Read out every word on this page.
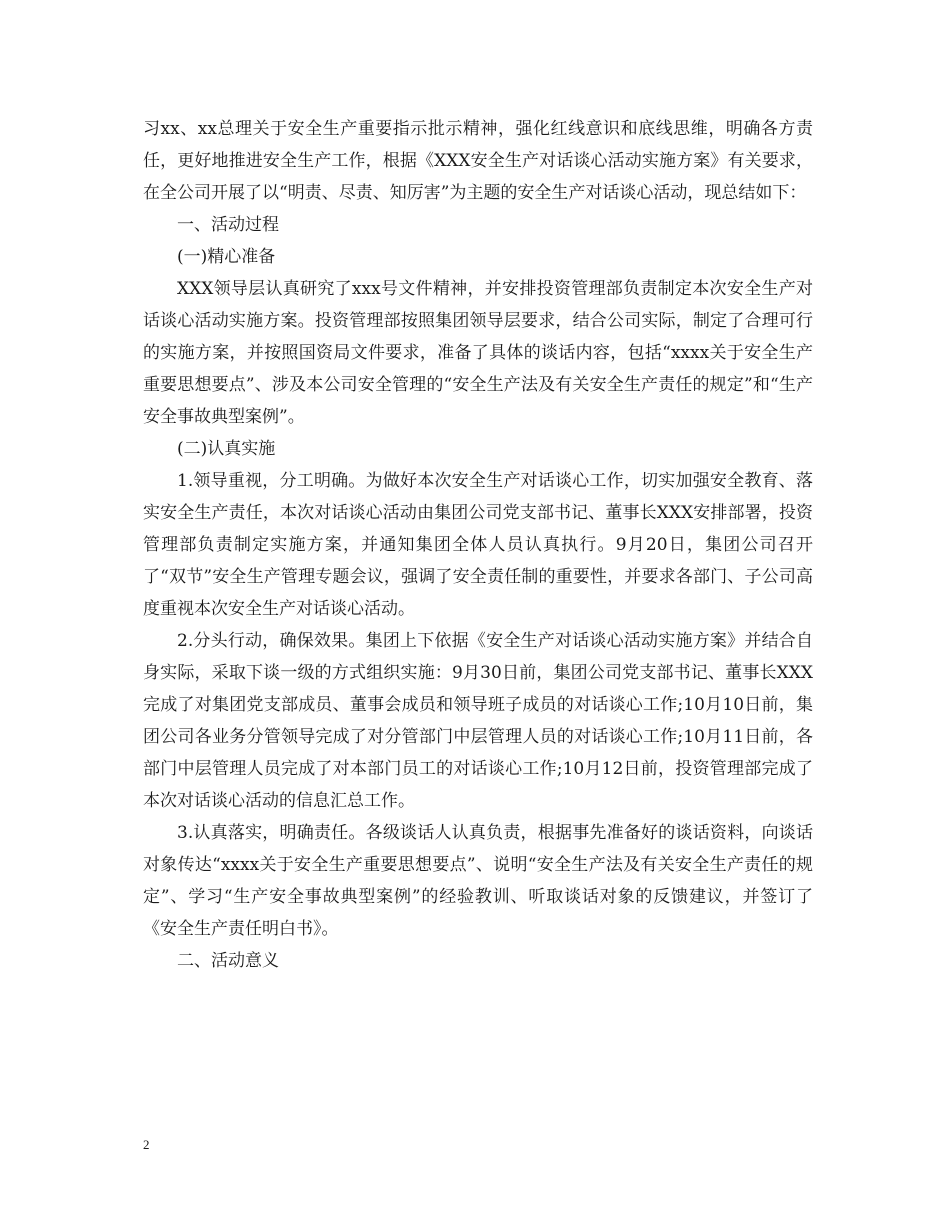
习xx、xx总理关于安全生产重要指示批示精神，强化红线意识和底线思维，明确各方责任，更好地推进安全生产工作，根据《XXX安全生产对话谈心活动实施方案》有关要求，在全公司开展了以“明责、尽责、知厉害”为主题的安全生产对话谈心活动，现总结如下：

一、活动过程

(一)精心准备

XXX领导层认真研究了xxx号文件精神，并安排投资管理部负责制定本次安全生产对话谈心活动实施方案。投资管理部按照集团领导层要求，结合公司实际，制定了合理可行的实施方案，并按照国资局文件要求，准备了具体的谈话内容，包括“xxxx关于安全生产重要思想要点”、涉及本公司安全管理的“安全生产法及有关安全生产责任的规定”和“生产安全事故典型案例”。

(二)认真实施

1.领导重视，分工明确。为做好本次安全生产对话谈心工作，切实加强安全教育、落实安全生产责任，本次对话谈心活动由集团公司党支部书记、董事长XXX安排部署，投资管理部负责制定实施方案，并通知集团全体人员认真执行。9月20日，集团公司召开了“双节”安全生产管理专题会议，强调了安全责任制的重要性，并要求各部门、子公司高度重视本次安全生产对话谈心活动。

2.分头行动，确保效果。集团上下依据《安全生产对话谈心活动实施方案》并结合自身实际，采取下谈一级的方式组织实施：9月30日前，集团公司党支部书记、董事长XXX完成了对集团党支部成员、董事会成员和领导班子成员的对话谈心工作;10月10日前，集团公司各业务分管领导完成了对分管部门中层管理人员的对话谈心工作;10月11日前，各部门中层管理人员完成了对本部门员工的对话谈心工作;10月12日前，投资管理部完成了本次对话谈心活动的信息汇总工作。

3.认真落实，明确责任。各级谈话人认真负责，根据事先准备好的谈话资料，向谈话对象传达“xxxx关于安全生产重要思想要点”、说明“安全生产法及有关安全生产责任的规定”、学习“生产安全事故典型案例”的经验教训、听取谈话对象的反馈建议，并签订了《安全生产责任明白书》。

二、活动意义

2
